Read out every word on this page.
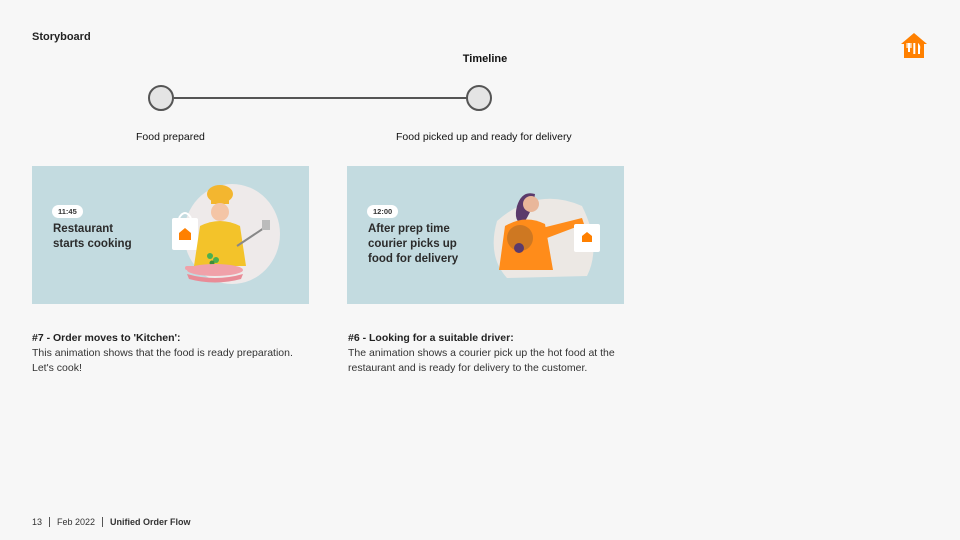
Storyboard
Timeline
Food prepared	Food picked up and ready for delivery
11:45
Restaurant
starts cooking
12:00
After prep time
courier picks up
food for delivery
#7 - Order moves to 'Kitchen':
This animation shows that the food is ready preparation. Let's cook!
#6 - Looking for a suitable driver:
The animation shows a courier pick up the hot food at the restaurant and is ready for delivery to the customer.
13 Feb 2022 Unified Order Flow
